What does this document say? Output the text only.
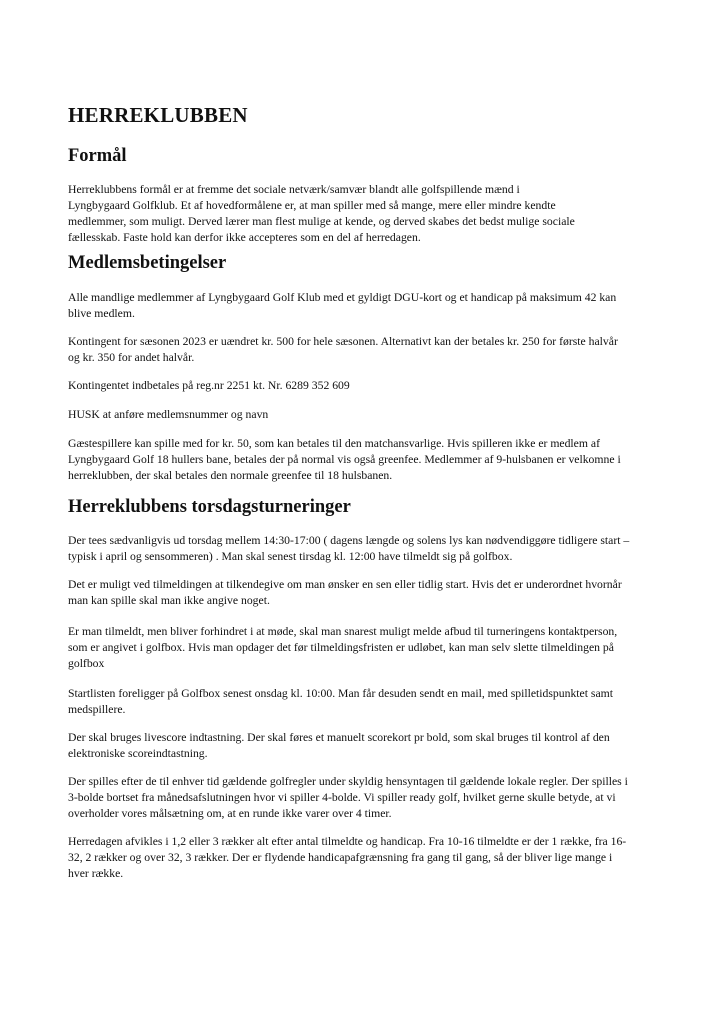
HERREKLUBBEN
Formål

Herreklubbens formål er at fremme det sociale netværk/samvær blandt alle golfspillende mænd i
Lyngbygaard Golfklub. Et af hovedformålene er, at man spiller med så mange, mere eller mindre kendte
medlemmer, som muligt. Derved lærer man flest mulige at kende, og derved skabes det bedst mulige sociale
fællesskab. Faste hold kan derfor ikke accepteres som en del af herredagen.

Medlemsbetingelser

Alle mandlige medlemmer af Lyngbygaard Golf Klub med et gyldigt DGU-kort og et handicap på maksimum 42 kan
blive medlem.

Kontingent for sæsonen 2023 er uændret kr. 500 for hele sæsonen. Alternativt kan der betales kr. 250 for første halvår
og kr. 350 for andet halvår.

Kontingentet indbetales på reg.nr 2251 kt. Nr. 6289 352 609

HUSK at anføre medlemsnummer og navn

Gæstespillere kan spille med for kr. 50, som kan betales til den matchansvarlige. Hvis spilleren ikke er medlem af
Lyngbygaard Golf 18 hullers bane, betales der på normal vis også greenfee. Medlemmer af 9-hulsbanen er velkomne i
herreklubben, der skal betales den normale greenfee til 18 hulsbanen.

Herreklubbens torsdagsturneringer

Der tees sædvanligvis ud torsdag mellem 14:30-17:00 ( dagens længde og solens lys kan nødvendiggøre tidligere start –
typisk i april og sensommeren) . Man skal senest tirsdag kl. 12:00 have tilmeldt sig på golfbox.

Det er muligt ved tilmeldingen at tilkendegive om man ønsker en sen eller tidlig start. Hvis det er underordnet hvornår
man kan spille skal man ikke angive noget.

Er man tilmeldt, men bliver forhindret i at møde, skal man snarest muligt melde afbud til turneringens kontaktperson,
som er angivet i golfbox. Hvis man opdager det før tilmeldingsfristen er udløbet, kan man selv slette tilmeldingen på
golfbox

Startlisten foreligger på Golfbox senest onsdag kl. 10:00. Man får desuden sendt en mail, med spilletidspunktet samt
medspillere.

Der skal bruges livescore indtastning. Der skal føres et manuelt scorekort pr bold, som skal bruges til kontrol af den
elektroniske scoreindtastning.

Der spilles efter de til enhver tid gældende golfregler under skyldig hensyntagen til gældende lokale regler. Der spilles i
3-bolde bortset fra månedsafslutningen hvor vi spiller 4-bolde. Vi spiller ready golf, hvilket gerne skulle betyde, at vi
overholder vores målsætning om, at en runde ikke varer over 4 timer.

Herredagen afvikles i 1,2 eller 3 rækker alt efter antal tilmeldte og handicap. Fra 10-16 tilmeldte er der 1 række, fra 16-
32, 2 rækker og over 32, 3 rækker. Der er flydende handicapafgrænsning fra gang til gang, så der bliver lige mange i
hver række.
